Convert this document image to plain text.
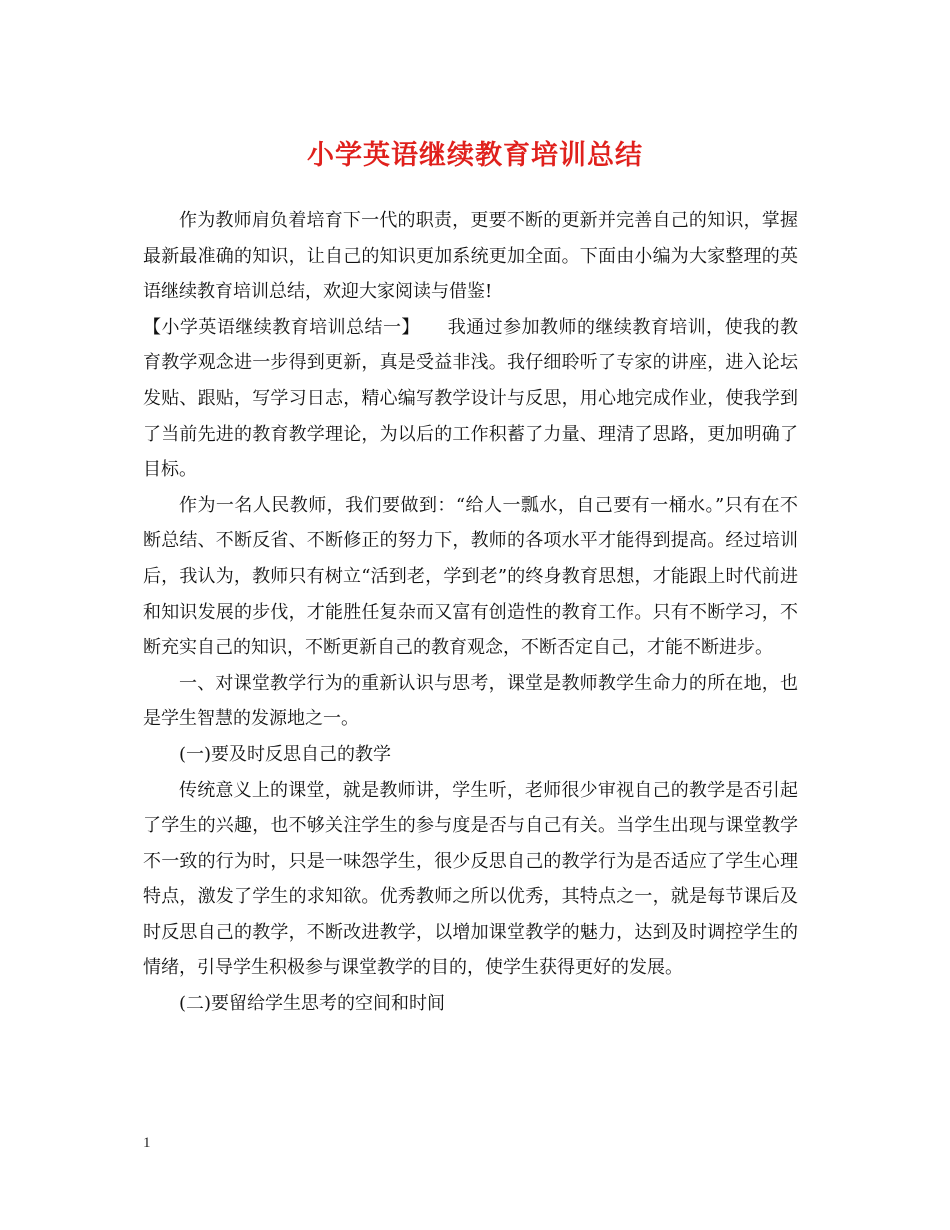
小学英语继续教育培训总结

作为教师肩负着培育下一代的职责，更要不断的更新并完善自己的知识，掌握最新最准确的知识，让自己的知识更加系统更加全面。下面由小编为大家整理的英语继续教育培训总结，欢迎大家阅读与借鉴!

【小学英语继续教育培训总结一】　　我通过参加教师的继续教育培训，使我的教育教学观念进一步得到更新，真是受益非浅。我仔细聆听了专家的讲座，进入论坛发贴、跟贴，写学习日志，精心编写教学设计与反思，用心地完成作业，使我学到了当前先进的教育教学理论，为以后的工作积蓄了力量、理清了思路，更加明确了目标。

作为一名人民教师，我们要做到：“给人一瓢水，自己要有一桶水。”只有在不断总结、不断反省、不断修正的努力下，教师的各项水平才能得到提高。经过培训后，我认为，教师只有树立“活到老，学到老”的终身教育思想，才能跟上时代前进和知识发展的步伐，才能胜任复杂而又富有创造性的教育工作。只有不断学习，不断充实自己的知识，不断更新自己的教育观念，不断否定自己，才能不断进步。

一、对课堂教学行为的重新认识与思考，课堂是教师教学生命力的所在地，也是学生智慧的发源地之一。

(一)要及时反思自己的教学

传统意义上的课堂，就是教师讲，学生听，老师很少审视自己的教学是否引起了学生的兴趣，也不够关注学生的参与度是否与自己有关。当学生出现与课堂教学不一致的行为时，只是一味怨学生，很少反思自己的教学行为是否适应了学生心理特点，激发了学生的求知欲。优秀教师之所以优秀，其特点之一，就是每节课后及时反思自己的教学，不断改进教学，以增加课堂教学的魅力，达到及时调控学生的情绪，引导学生积极参与课堂教学的目的，使学生获得更好的发展。

(二)要留给学生思考的空间和时间

1
